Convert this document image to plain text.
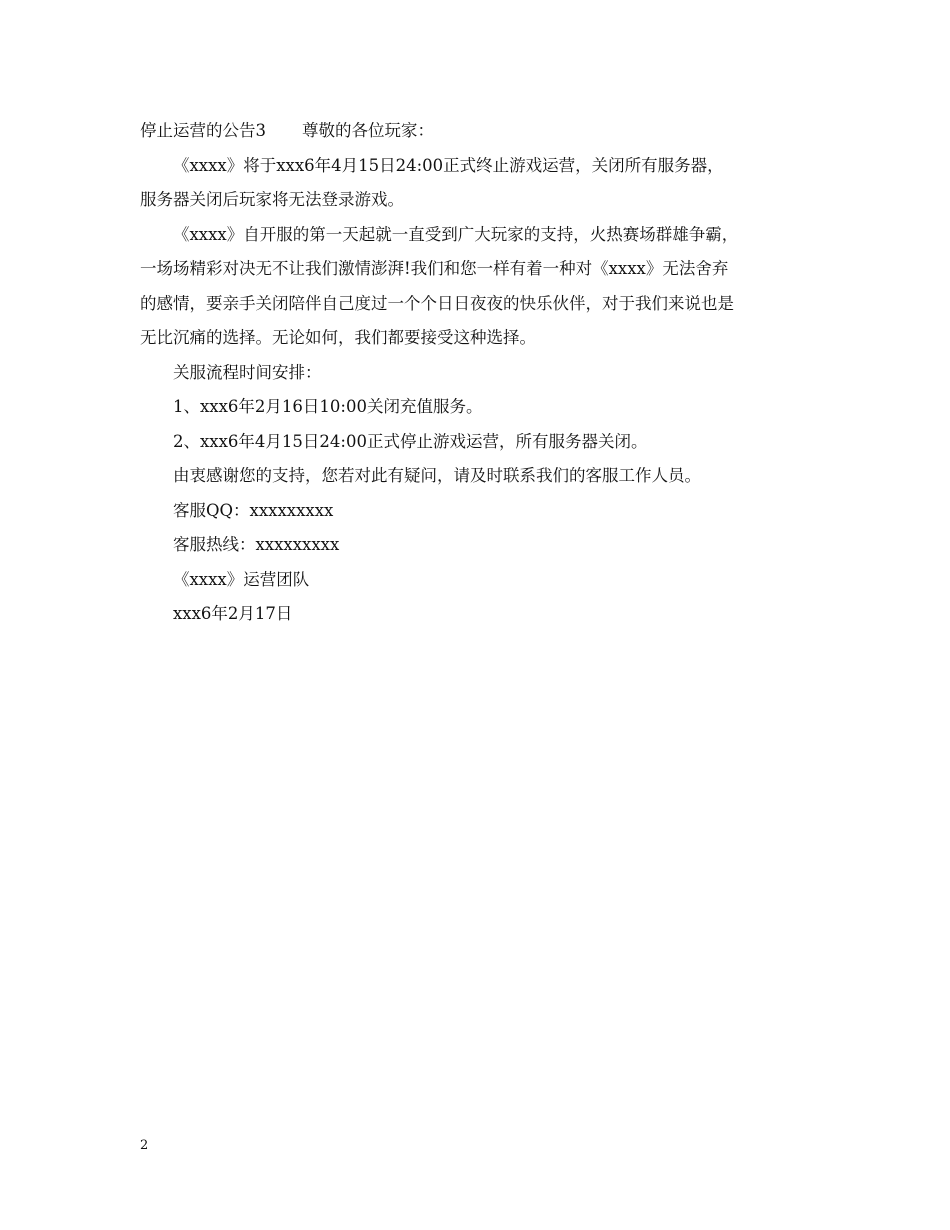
停止运营的公告3 尊敬的各位玩家：

《xxxx》将于xxx6年4月15日24:00正式终止游戏运营，关闭所有服务器，

服务器关闭后玩家将无法登录游戏。

《xxxx》自开服的第一天起就一直受到广大玩家的支持，火热赛场群雄争霸，

一场场精彩对决无不让我们激情澎湃!我们和您一样有着一种对《xxxx》无法舍弃

的感情，要亲手关闭陪伴自己度过一个个日日夜夜的快乐伙伴，对于我们来说也是

无比沉痛的选择。无论如何，我们都要接受这种选择。

关服流程时间安排：

1、xxx6年2月16日10:00关闭充值服务。

2、xxx6年4月15日24:00正式停止游戏运营，所有服务器关闭。

由衷感谢您的支持，您若对此有疑问，请及时联系我们的客服工作人员。

客服QQ：xxxxxxxxx

客服热线：xxxxxxxxx

《xxxx》运营团队

xxx6年2月17日

2
